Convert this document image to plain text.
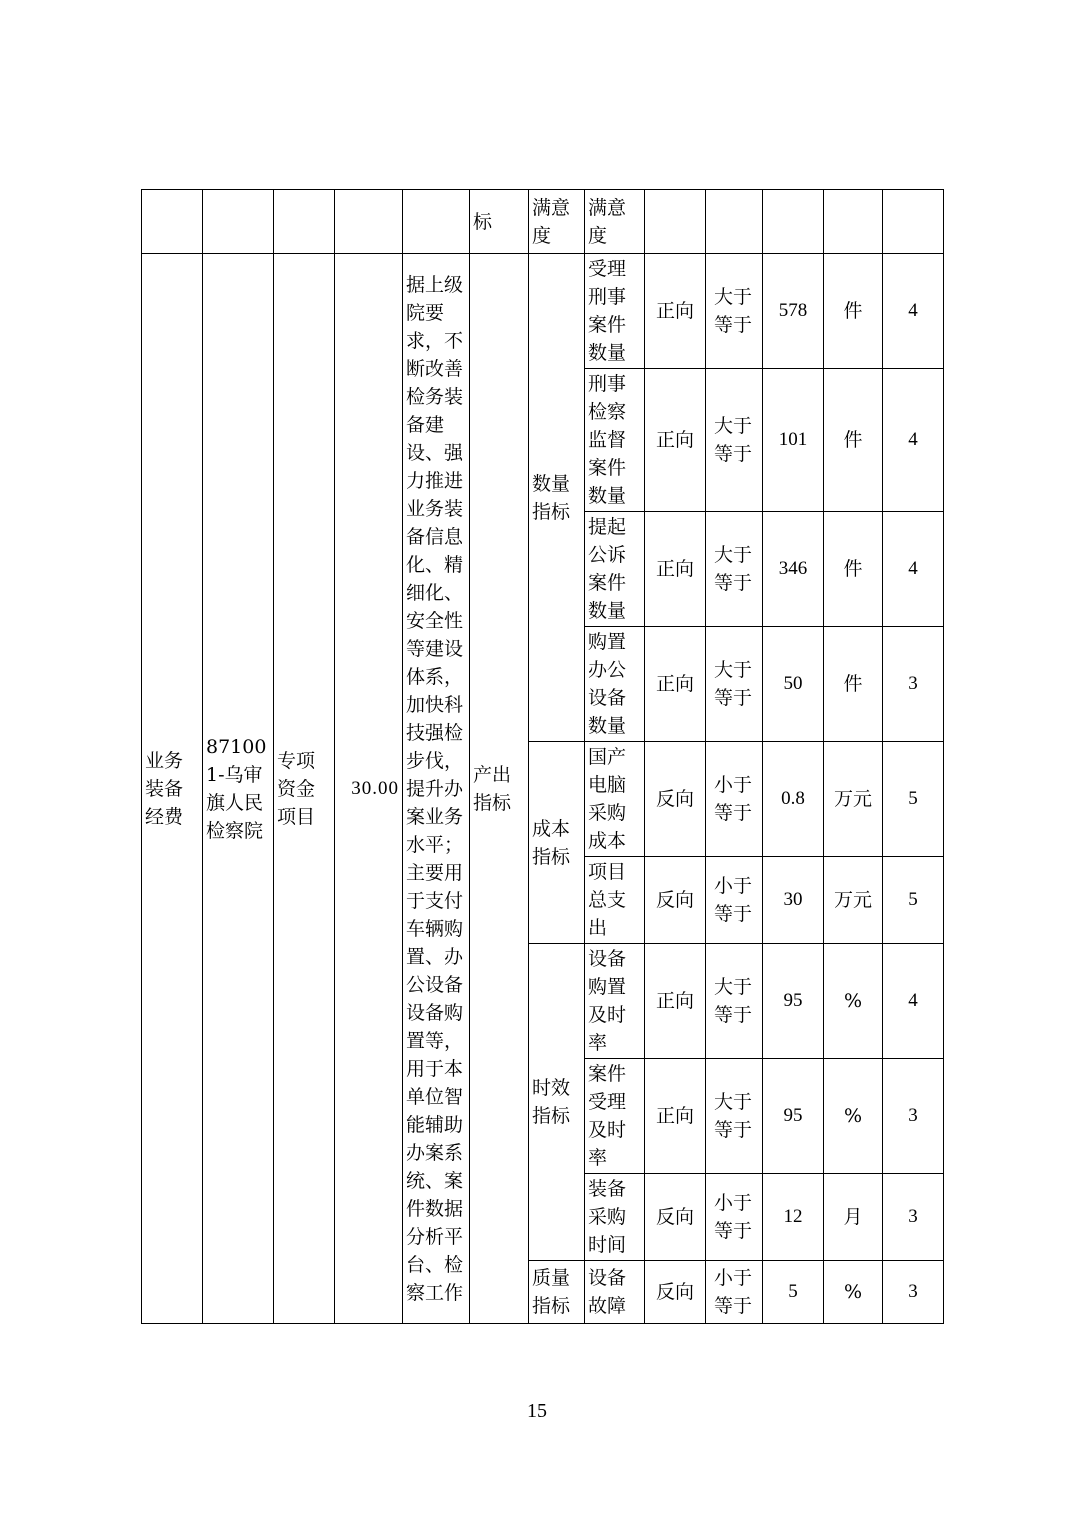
					标	满意度	满意度					
业务装备经费	871001-乌审旗人民检察院	专项资金项目	30.00	据上级院要求，不断改善检务装备建设、强力推进业务装备信息化、精细化、安全性等建设体系，加快科技强检步伐，提升办案业务水平；主要用于支付车辆购置、办公设备设备购置等，用于本单位智能辅助办案系统、案件数据分析平台、检察工作	产出指标	数量指标	受理刑事案件数量	正向	大于等于	578	件	4
							刑事检察监督案件数量	正向	大于等于	101	件	4
							提起公诉案件数量	正向	大于等于	346	件	4
							购置办公设备数量	正向	大于等于	50	件	3
						成本指标	国产电脑采购成本	反向	小于等于	0.8	万元	5
							项目总支出	反向	小于等于	30	万元	5
						时效指标	设备购置及时率	正向	大于等于	95	%	4
							案件受理及时率	正向	大于等于	95	%	3
							装备采购时间	反向	小于等于	12	月	3
						质量指标	设备故障	反向	小于等于	5	%	3
15
